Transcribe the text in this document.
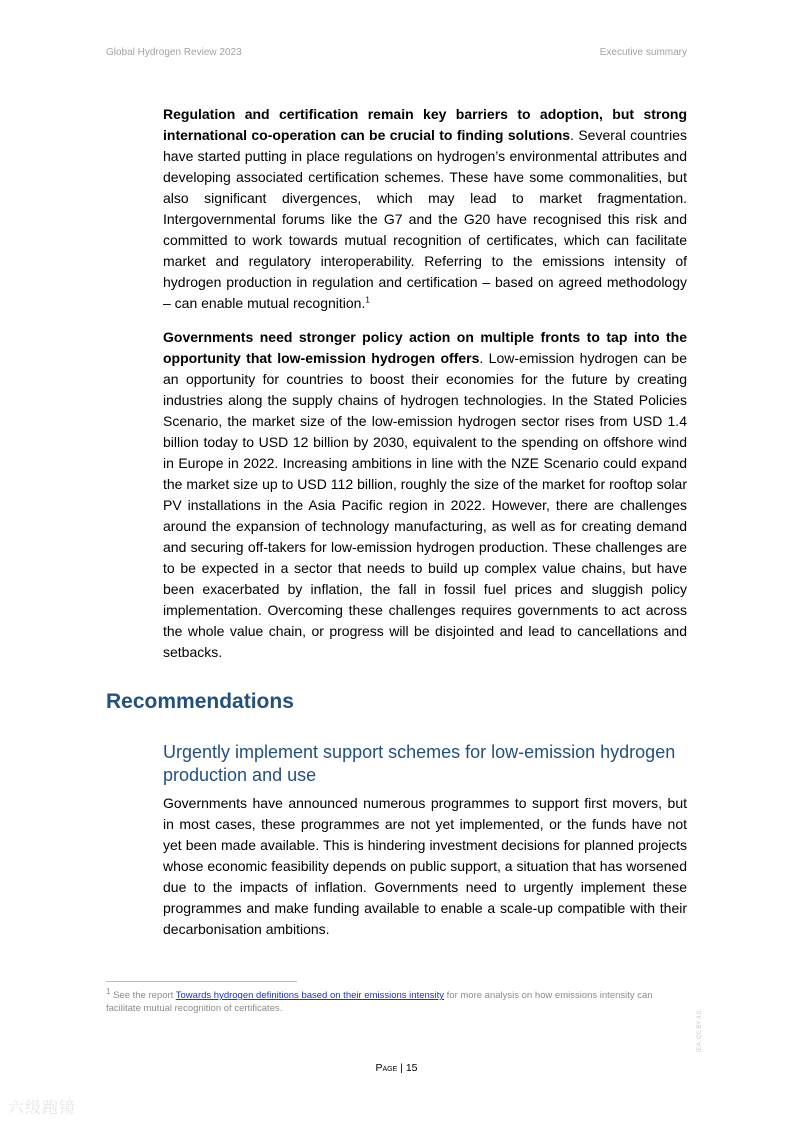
Global Hydrogen Review 2023	Executive summary

Regulation and certification remain key barriers to adoption, but strong international co-operation can be crucial to finding solutions. Several countries have started putting in place regulations on hydrogen’s environmental attributes and developing associated certification schemes. These have some commonalities, but also significant divergences, which may lead to market fragmentation. Intergovernmental forums like the G7 and the G20 have recognised this risk and committed to work towards mutual recognition of certificates, which can facilitate market and regulatory interoperability. Referring to the emissions intensity of hydrogen production in regulation and certification – based on agreed methodology – can enable mutual recognition.$^1$

Governments need stronger policy action on multiple fronts to tap into the opportunity that low-emission hydrogen offers. Low-emission hydrogen can be an opportunity for countries to boost their economies for the future by creating industries along the supply chains of hydrogen technologies. In the Stated Policies Scenario, the market size of the low-emission hydrogen sector rises from USD 1.4 billion today to USD 12 billion by 2030, equivalent to the spending on offshore wind in Europe in 2022. Increasing ambitions in line with the NZE Scenario could expand the market size up to USD 112 billion, roughly the size of the market for rooftop solar PV installations in the Asia Pacific region in 2022. However, there are challenges around the expansion of technology manufacturing, as well as for creating demand and securing off-takers for low-emission hydrogen production. These challenges are to be expected in a sector that needs to build up complex value chains, but have been exacerbated by inflation, the fall in fossil fuel prices and sluggish policy implementation. Overcoming these challenges requires governments to act across the whole value chain, or progress will be disjointed and lead to cancellations and setbacks.

Recommendations
Urgently implement support schemes for low-emission hydrogen production and use

Governments have announced numerous programmes to support first movers, but in most cases, these programmes are not yet implemented, or the funds have not yet been made available. This is hindering investment decisions for planned projects whose economic feasibility depends on public support, a situation that has worsened due to the impacts of inflation. Governments need to urgently implement these programmes and make funding available to enable a scale-up compatible with their decarbonisation ambitions.

$^1$ See the report Towards hydrogen definitions based on their emissions intensity for more analysis on how emissions intensity can facilitate mutual recognition of certificates.
IEA. CC BY 4.0.
Page | 15
六级跑镜
